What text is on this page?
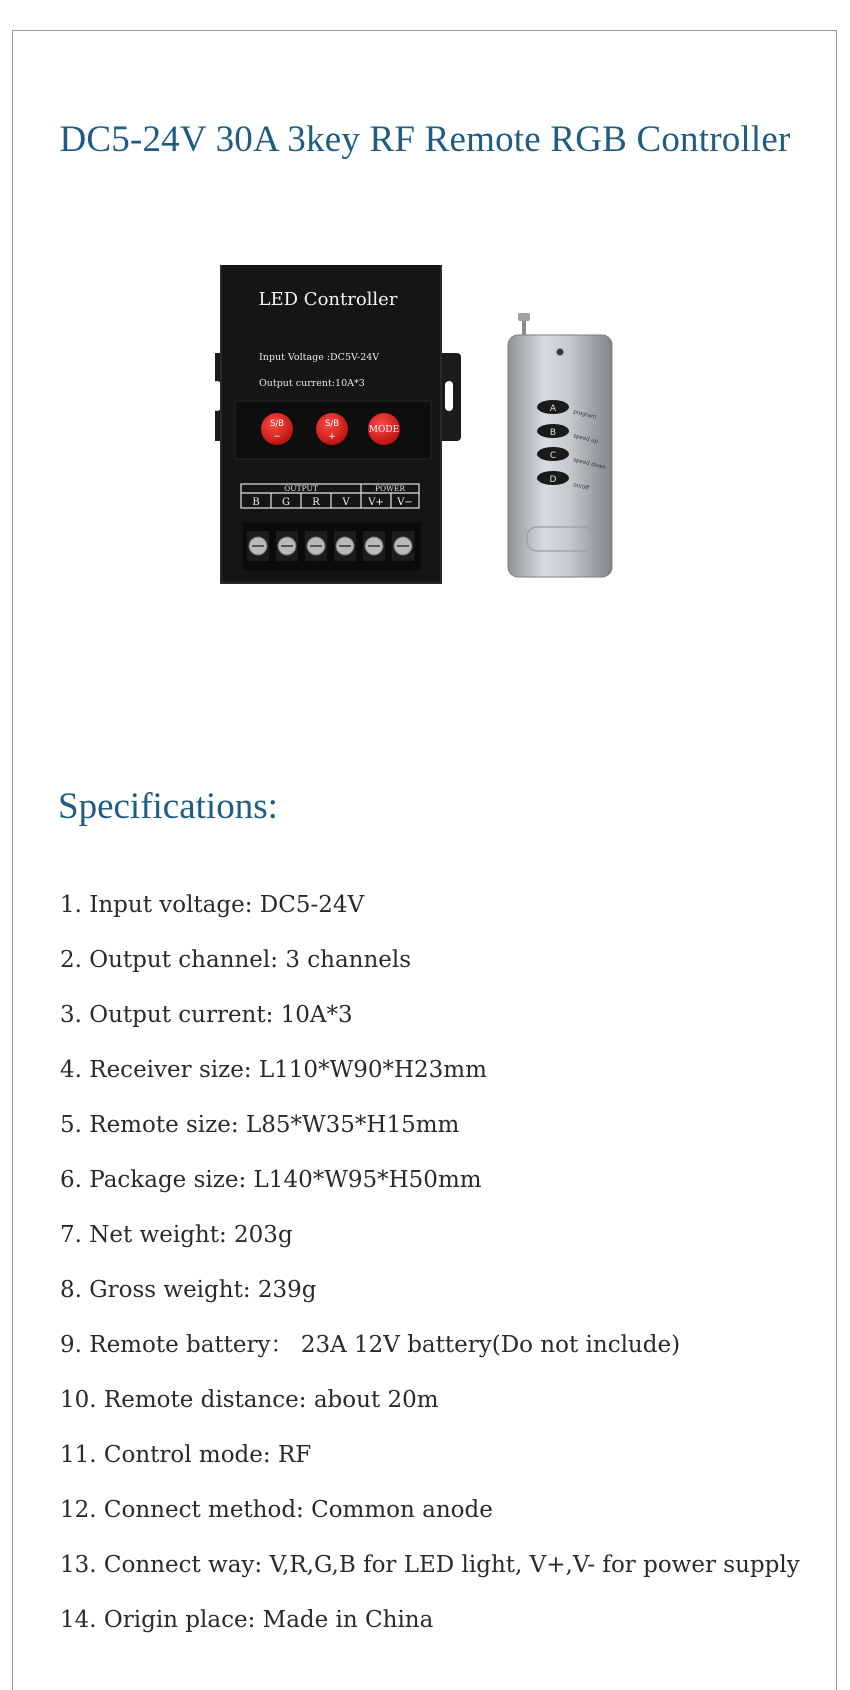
DC5-24V 30A 3key RF Remote RGB Controller
LED Controller
Input Voltage :DC5V-24V
Output current:10A*3
S/B
−
S/B
+
MODE
OUTPUT	POWER
B G R V V+ V−
A
B
C
D
program
speed up
speed down
on/off
Specifications:
1. Input voltage: DC5-24V
2. Output channel: 3 channels
3. Output current: 10A*3
4. Receiver size: L110*W90*H23mm
5. Remote size: L85*W35*H15mm
6. Package size: L140*W95*H50mm
7. Net weight: 203g
8. Gross weight: 239g
9. Remote battery： 23A 12V battery(Do not include)
10. Remote distance: about 20m
11. Control mode: RF
12. Connect method: Common anode
13. Connect way: V,R,G,B for LED light, V+,V- for power supply
14. Origin place: Made in China
